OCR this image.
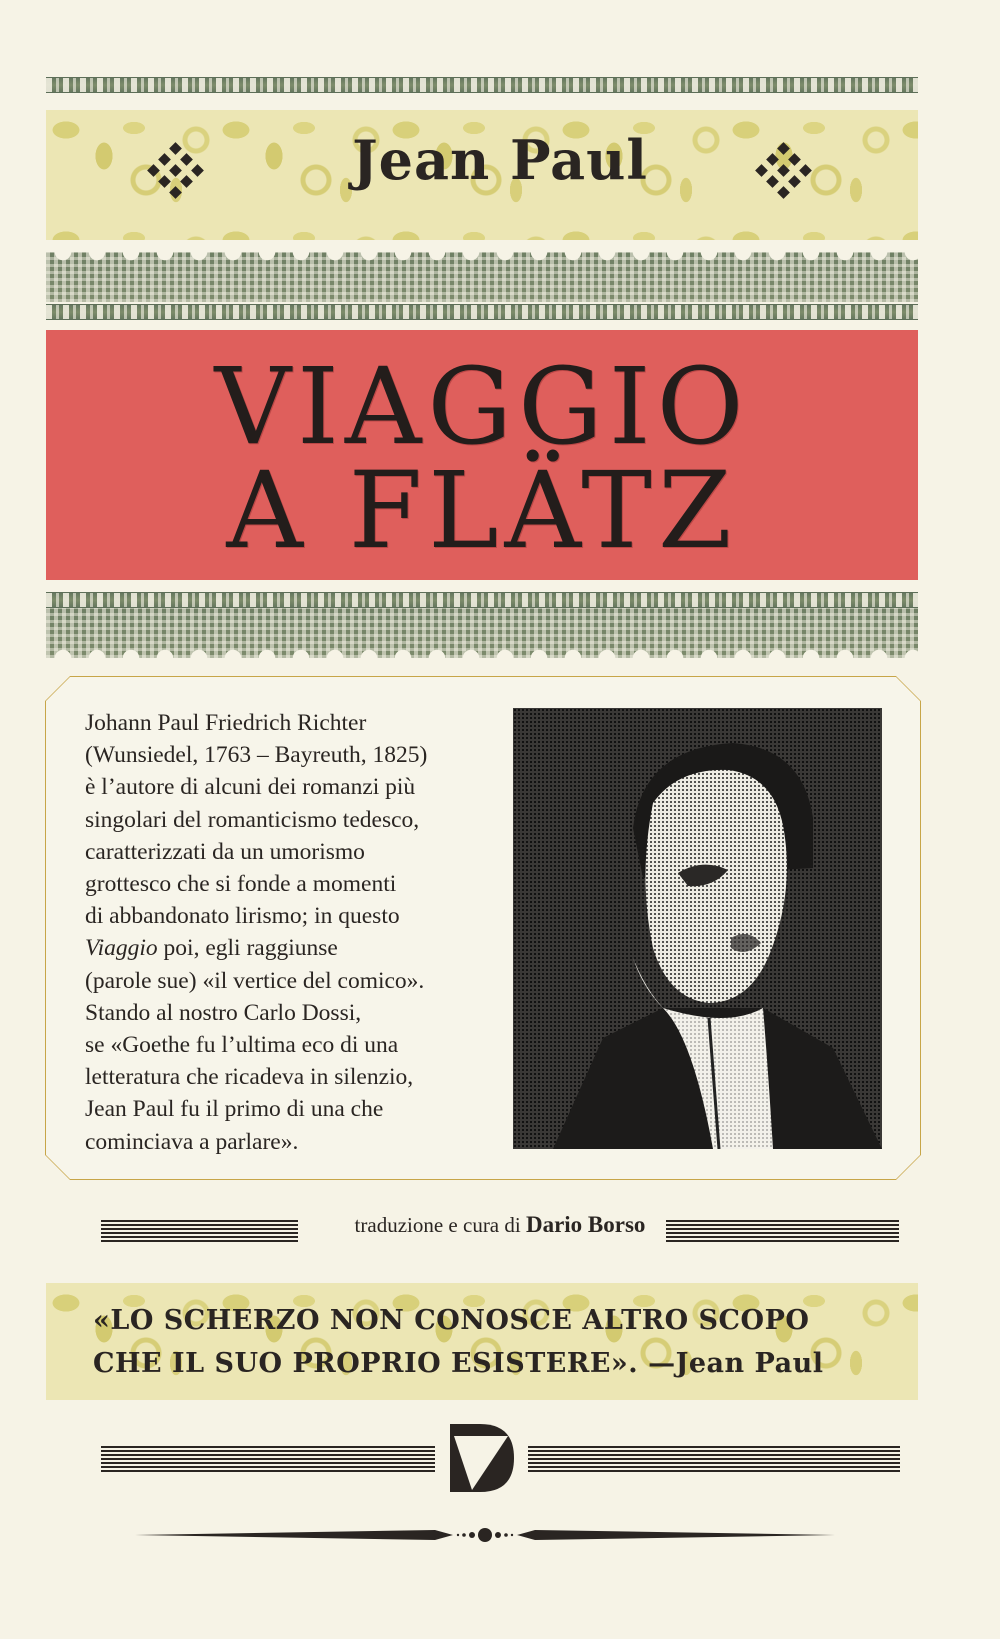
Jean Paul
VIAGGIO
A FLÄTZ
Johann Paul Friedrich Richter
(Wunsiedel, 1763 – Bayreuth, 1825)
è l’autore di alcuni dei romanzi più
singolari del romanticismo tedesco,
caratterizzati da un umorismo
grottesco che si fonde a momenti
di abbandonato lirismo; in questo
Viaggio poi, egli raggiunse
(parole sue) «il vertice del comico».
Stando al nostro Carlo Dossi,
se «Goethe fu l’ultima eco di una
letteratura che ricadeva in silenzio,
Jean Paul fu il primo di una che
cominciava a parlare».
traduzione e cura di Dario Borso
«LO SCHERZO NON CONOSCE ALTRO SCOPO
CHE IL SUO PROPRIO ESISTERE». —Jean Paul
